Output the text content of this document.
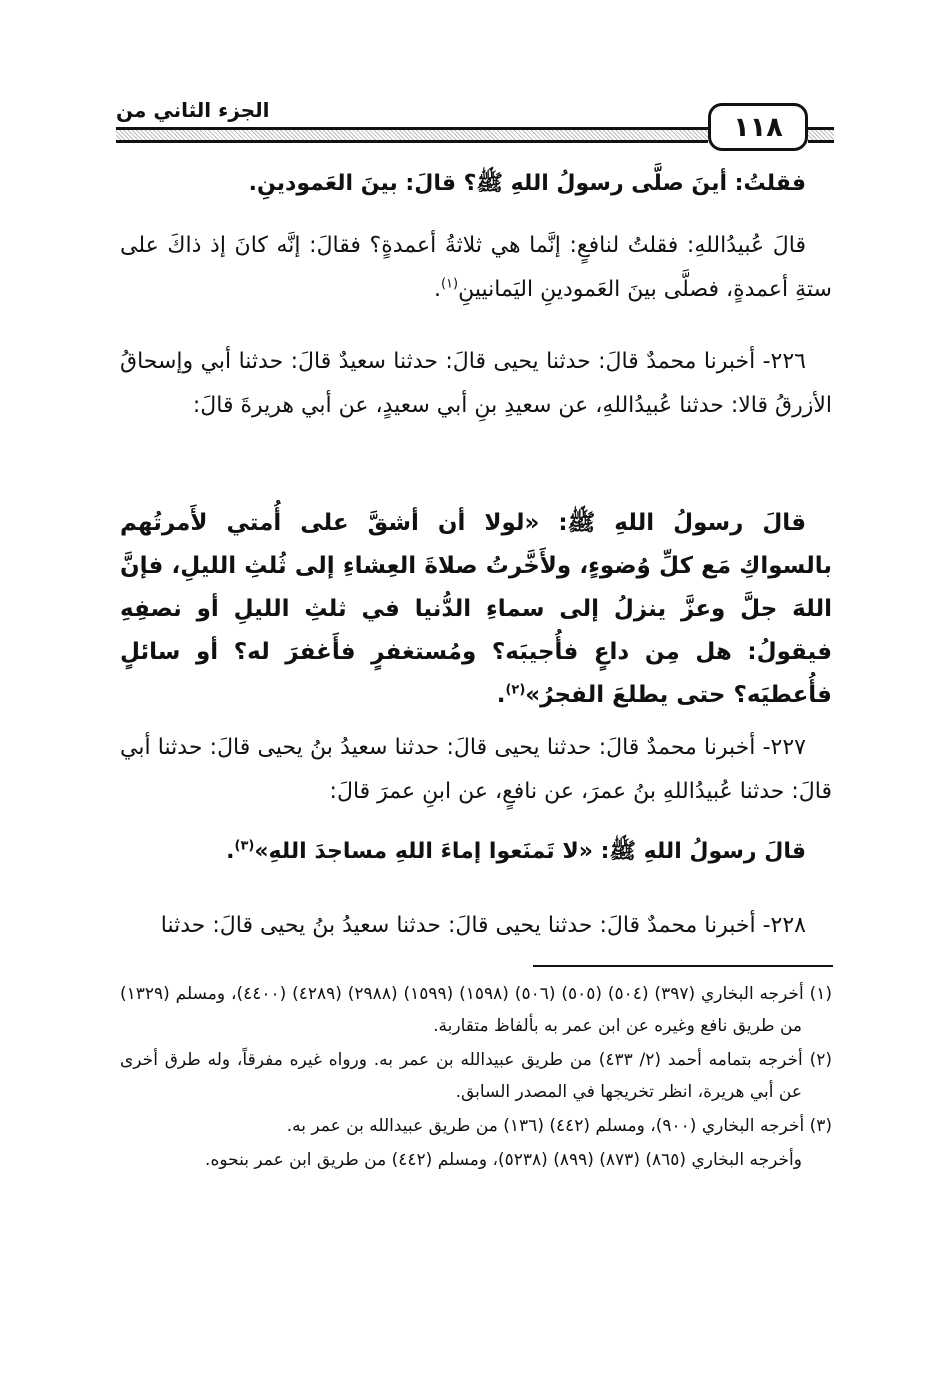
الجزء الثاني من
١١٨

فقلتُ: أينَ صلَّى رسولُ اللهِ ﷺ؟ قالَ: بينَ العَمودينِ.

قالَ عُبيدُاللهِ: فقلتُ لنافعٍ: إنَّما هي ثلاثةُ أعمدةٍ؟ فقالَ: إنَّه كانَ إذ ذاكَ على ستةِ أعمدةٍ، فصلَّى بينَ العَمودينِ اليَمانيينِ$^{(١)}$.

٢٢٦- أخبرنا محمدٌ قالَ: حدثنا يحيى قالَ: حدثنا سعيدٌ قالَ: حدثنا أبي وإسحاقُ الأزرقُ قالا: حدثنا عُبيدُاللهِ، عن سعيدِ بنِ أبي سعيدٍ، عن أبي هريرةَ قالَ:

قالَ رسولُ اللهِ ﷺ: «لولا أن أشقَّ على أُمتي لأَمرتُهم بالسواكِ مَع كلِّ وُضوءٍ، ولأَخَّرتُ صلاةَ العِشاءِ إلى ثُلثِ الليلِ، فإنَّ اللهَ جلَّ وعزَّ ينزلُ إلى سماءِ الدُّنيا في ثلثِ الليلِ أو نصفِهِ فيقولُ: هل مِن داعٍ فأُجيبَه؟ ومُستغفرٍ فأَغفرَ له؟ أو سائلٍ فأُعطيَه؟ حتى يطلعَ الفجرُ»$^{(٢)}$.

٢٢٧- أخبرنا محمدٌ قالَ: حدثنا يحيى قالَ: حدثنا سعيدُ بنُ يحيى قالَ: حدثنا أبي قالَ: حدثنا عُبيدُاللهِ بنُ عمرَ، عن نافعٍ، عن ابنِ عمرَ قالَ:

قالَ رسولُ اللهِ ﷺ: «لا تَمنَعوا إماءَ اللهِ مساجدَ اللهِ»$^{(٣)}$.

٢٢٨- أخبرنا محمدٌ قالَ: حدثنا يحيى قالَ: حدثنا سعيدُ بنُ يحيى قالَ: حدثنا

(١) أخرجه البخاري (٣٩٧) (٥٠٤) (٥٠٥) (٥٠٦) (١٥٩٨) (١٥٩٩) (٢٩٨٨) (٤٢٨٩) (٤٤٠٠)، ومسلم (١٣٢٩) من طريق نافع وغيره عن ابن عمر به بألفاظ متقاربة.

(٢) أخرجه بتمامه أحمد (٢/ ٤٣٣) من طريق عبيدالله بن عمر به. ورواه غيره مفرقاً، وله طرق أخرى عن أبي هريرة، انظر تخريجها في المصدر السابق.

(٣) أخرجه البخاري (٩٠٠)، ومسلم (٤٤٢) (١٣٦) من طريق عبيدالله بن عمر به.

وأخرجه البخاري (٨٦٥) (٨٧٣) (٨٩٩) (٥٢٣٨)، ومسلم (٤٤٢) من طريق ابن عمر بنحوه.
